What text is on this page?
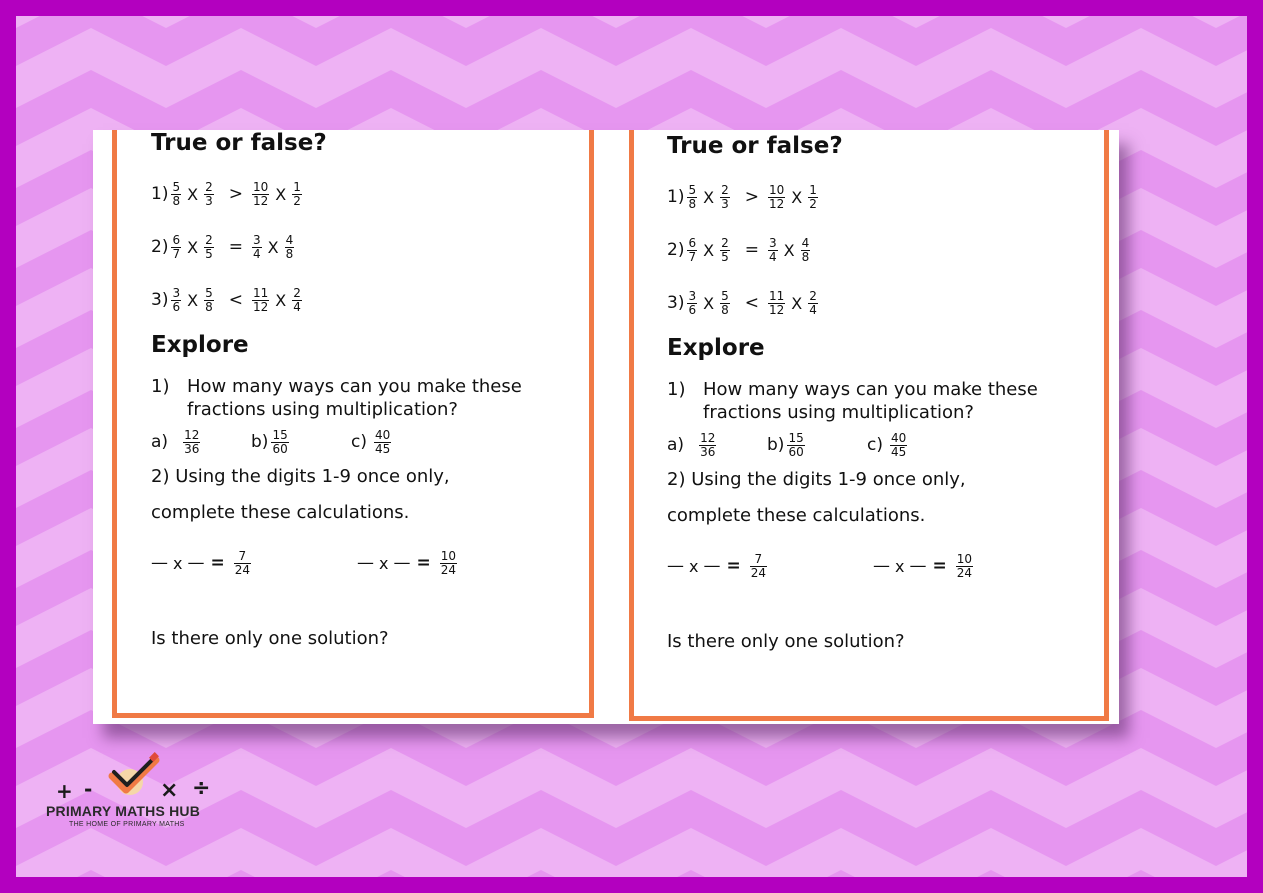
True or false?
$1) \frac{5}{8}$ X $\frac{2}{3} > \frac{10}{12}$ X $\frac{1}{2}$
$2) \frac{6}{7}$ X $\frac{2}{5} = \frac{3}{4}$ X $\frac{4}{8}$
$3) \frac{3}{6}$ X $\frac{5}{8} < \frac{11}{12}$ X $\frac{2}{4}$
Explore
1) How many ways can you make these
fractions using multiplication?
$a) \frac{12}{36}$	$b) \frac{15}{60}$	$c) \frac{40}{45}$
2) Using the digits 1-9 once only,
complete these calculations.
— x — = $\frac{7}{24}$	— x — = $\frac{10}{24}$
Is there only one solution?
True or false?
$1) \frac{5}{8}$ X $\frac{2}{3} > \frac{10}{12}$ X $\frac{1}{2}$
$2) \frac{6}{7}$ X $\frac{2}{5} = \frac{3}{4}$ X $\frac{4}{8}$
$3) \frac{3}{6}$ X $\frac{5}{8} < \frac{11}{12}$ X $\frac{2}{4}$
Explore
1) How many ways can you make these
fractions using multiplication?
$a) \frac{12}{36}$	$b) \frac{15}{60}$	$c) \frac{40}{45}$
2) Using the digits 1-9 once only,
complete these calculations.
— x — = $\frac{7}{24}$	— x — = $\frac{10}{24}$
Is there only one solution?
+ -	× ÷
PRIMARY MATHS HUB
THE HOME OF PRIMARY MATHS
